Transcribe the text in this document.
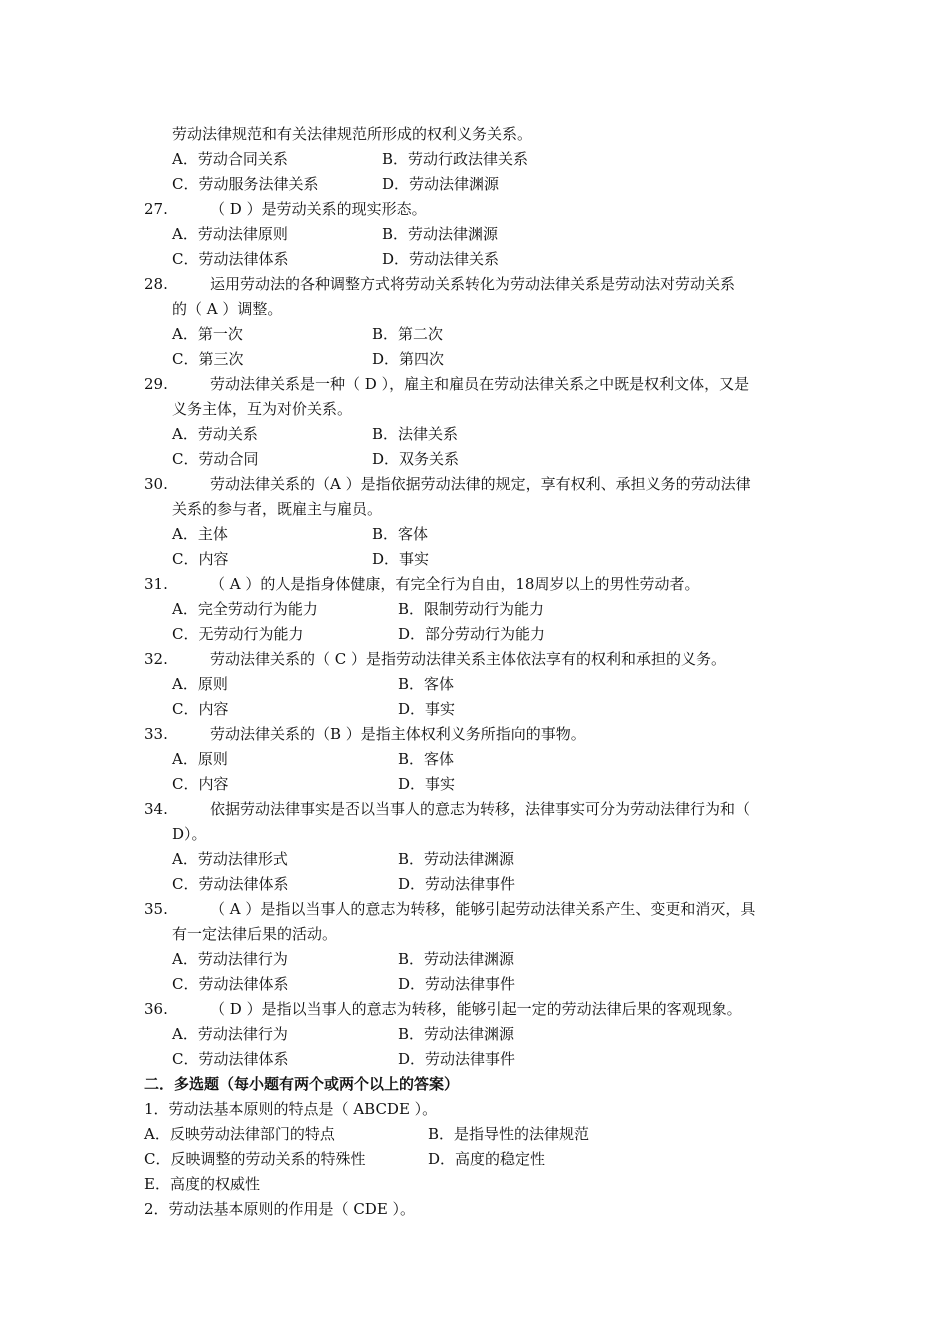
劳动法律规范和有关法律规范所形成的权利义务关系。
A．劳动合同关系	B．劳动行政法律关系
C．劳动服务法律关系	D．劳动法律渊源
27.	（ D ）是劳动关系的现实形态。
A．劳动法律原则	B．劳动法律渊源
C．劳动法律体系	D．劳动法律关系
28.	运用劳动法的各种调整方式将劳动关系转化为劳动法律关系是劳动法对劳动关系
的（ A ）调整。
A．第一次	B．第二次
C．第三次	D．第四次
29.	劳动法律关系是一种（ D ），雇主和雇员在劳动法律关系之中既是权利文体，又是
义务主体，互为对价关系。
A．劳动关系	B．法律关系
C．劳动合同	D．双务关系
30.	劳动法律关系的（A ）是指依据劳动法律的规定，享有权利、承担义务的劳动法律
关系的参与者，既雇主与雇员。
A．主体	B．客体
C．内容	D．事实
31.	（ A ）的人是指身体健康，有完全行为自由，18周岁以上的男性劳动者。
A．完全劳动行为能力	B．限制劳动行为能力
C．无劳动行为能力	D．部分劳动行为能力
32.	劳动法律关系的（ C ）是指劳动法律关系主体依法享有的权利和承担的义务。
A．原则	B．客体
C．内容	D．事实
33.	劳动法律关系的（B ）是指主体权利义务所指向的事物。
A．原则	B．客体
C．内容	D．事实
34.	依据劳动法律事实是否以当事人的意志为转移，法律事实可分为劳动法律行为和（
D）。
A．劳动法律形式	B．劳动法律渊源
C．劳动法律体系	D．劳动法律事件
35.	（ A ）是指以当事人的意志为转移，能够引起劳动法律关系产生、变更和消灭，具
有一定法律后果的活动。
A．劳动法律行为	B．劳动法律渊源
C．劳动法律体系	D．劳动法律事件
36.	（ D ）是指以当事人的意志为转移，能够引起一定的劳动法律后果的客观现象。
A．劳动法律行为	B．劳动法律渊源
C．劳动法律体系	D．劳动法律事件
二．多选题（每小题有两个或两个以上的答案）
1．劳动法基本原则的特点是（ ABCDE ）。
A．反映劳动法律部门的特点	B．是指导性的法律规范
C．反映调整的劳动关系的特殊性	D．高度的稳定性
E．高度的权威性
2．劳动法基本原则的作用是（ CDE ）。
